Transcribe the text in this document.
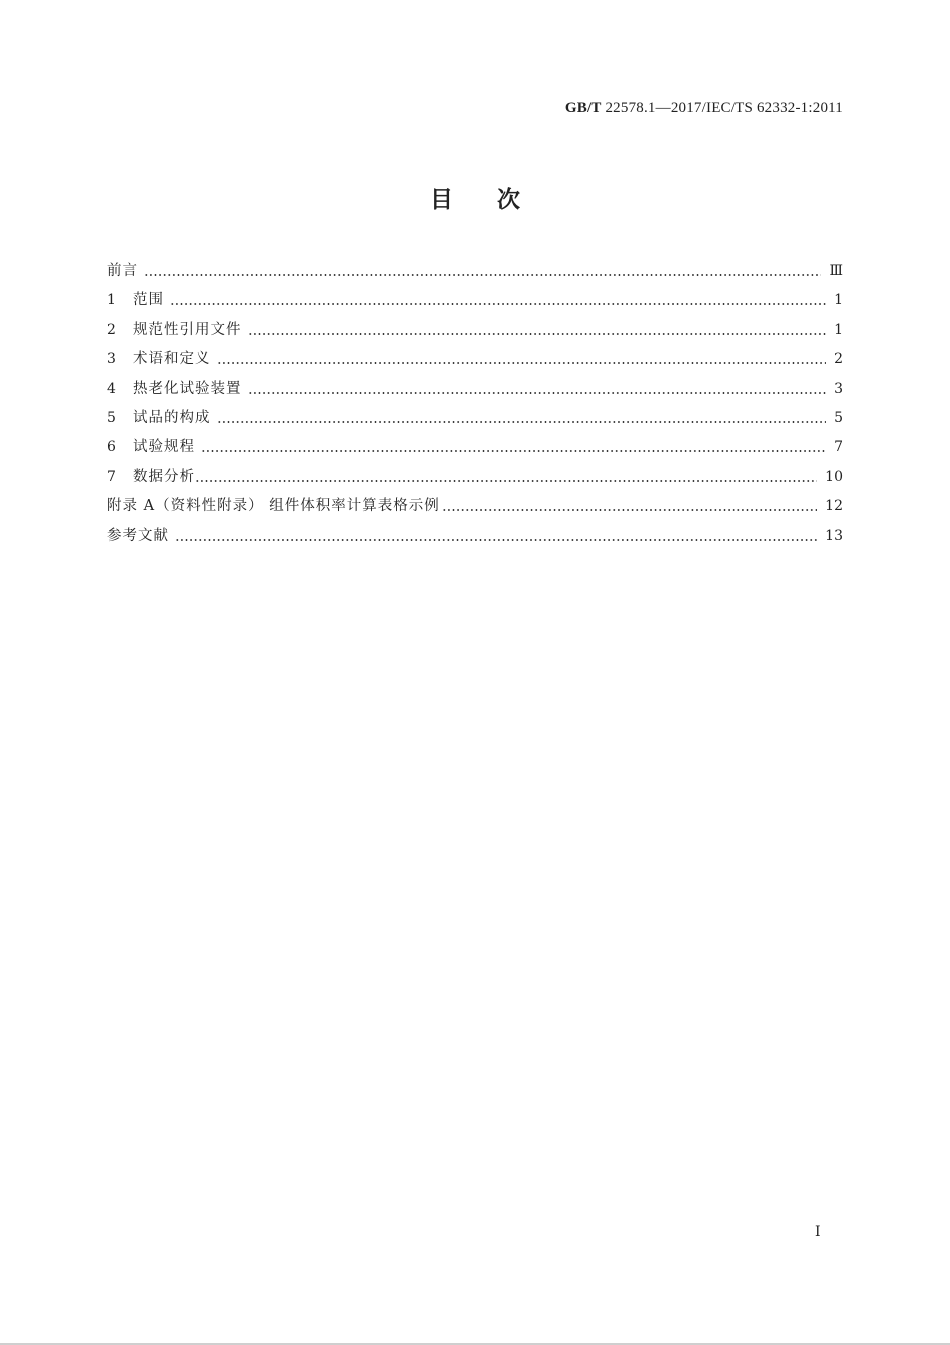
GB/T 22578.1—2017/IEC/TS 62332-1:2011
目 次
前言	Ⅲ
1	范围	1
2	规范性引用文件	1
3	术语和定义	2
4	热老化试验装置	3
5	试品的构成	5
6	试验规程	7
7	数据分析	10
附录 A（资料性附录） 组件体积率计算表格示例	12
参考文献	13
I
